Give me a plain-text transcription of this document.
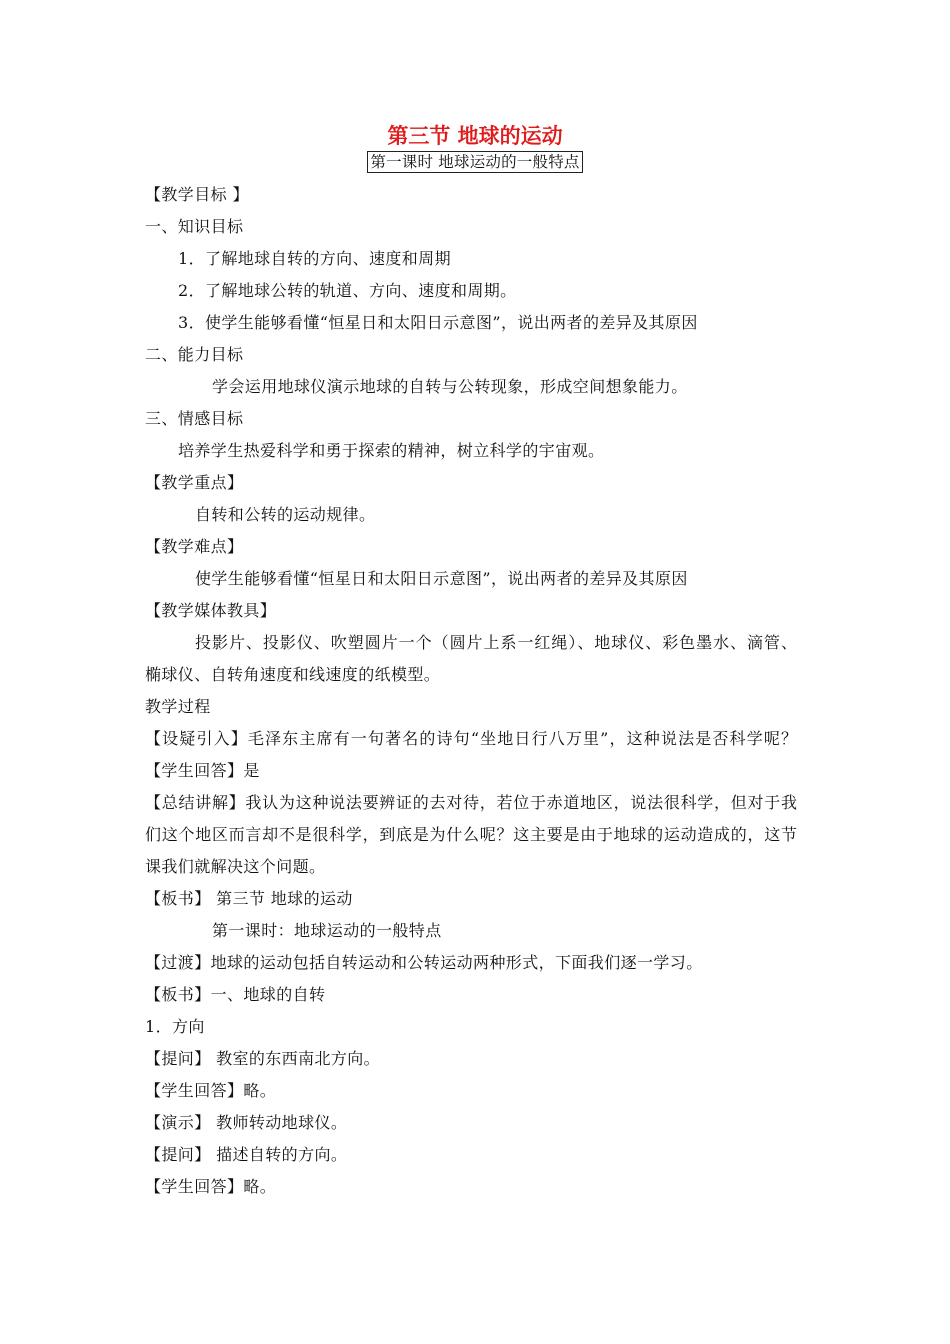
第三节 地球的运动
第一课时 地球运动的一般特点
【教学目标 】
一、知识目标
1．了解地球自转的方向、速度和周期
2．了解地球公转的轨道、方向、速度和周期。
3．使学生能够看懂“恒星日和太阳日示意图”，说出两者的差异及其原因
二、能力目标
学会运用地球仪演示地球的自转与公转现象，形成空间想象能力。
三、情感目标
培养学生热爱科学和勇于探索的精神，树立科学的宇宙观。
【教学重点】
自转和公转的运动规律。
【教学难点】
使学生能够看懂“恒星日和太阳日示意图”，说出两者的差异及其原因
【教学媒体教具】
投影片、投影仪、吹塑圆片一个（圆片上系一红绳）、地球仪、彩色墨水、滴管、
椭球仪、自转角速度和线速度的纸模型。
教学过程
【设疑引入】毛泽东主席有一句著名的诗句“坐地日行八万里”，这种说法是否科学呢？
【学生回答】是
【总结讲解】我认为这种说法要辨证的去对待，若位于赤道地区，说法很科学，但对于我
们这个地区而言却不是很科学，到底是为什么呢？这主要是由于地球的运动造成的，这节
课我们就解决这个问题。
【板书】 第三节 地球的运动
第一课时：地球运动的一般特点
【过渡】地球的运动包括自转运动和公转运动两种形式，下面我们逐一学习。
【板书】一、地球的自转
1．方向
【提问】 教室的东西南北方向。
【学生回答】略。
【演示】 教师转动地球仪。
【提问】 描述自转的方向。
【学生回答】略。
